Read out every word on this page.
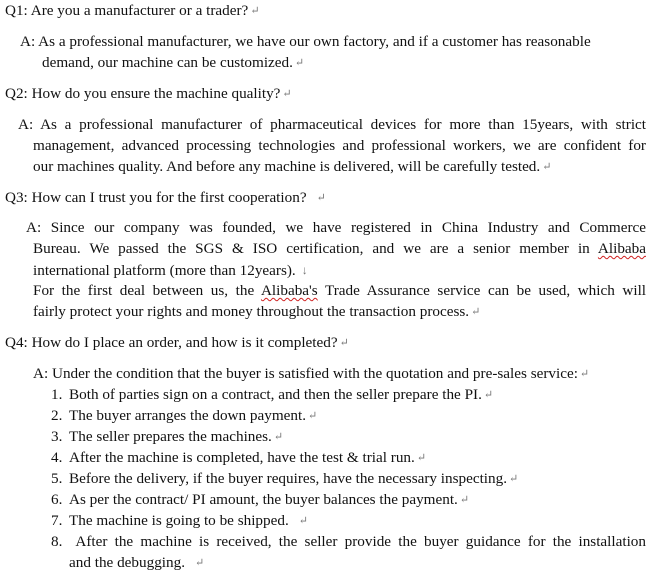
Q1: Are you a manufacturer or a trader? ↵
A: As a professional manufacturer, we have our own factory, and if a customer has reasonable
demand, our machine can be customized. ↵
Q2: How do you ensure the machine quality? ↵
A: As a professional manufacturer of pharmaceutical devices for more than 15years, with strict
management, advanced processing technologies and professional workers, we are confident for
our machines quality. And before any machine is delivered, will be carefully tested. ↵
Q3: How can I trust you for the first cooperation? ↵
A: Since our company was founded, we have registered in China Industry and Commerce
Bureau. We passed the SGS & ISO certification, and we are a senior member in Alibaba
international platform (more than 12years). ↓
For the first deal between us, the Alibaba's Trade Assurance service can be used, which will
fairly protect your rights and money throughout the transaction process. ↵
Q4: How do I place an order, and how is it completed? ↵
A: Under the condition that the buyer is satisfied with the quotation and pre-sales service: ↵
1. Both of parties sign on a contract, and then the seller prepare the PI. ↵
2. The buyer arranges the down payment. ↵
3. The seller prepares the machines. ↵
4. After the machine is completed, have the test & trial run. ↵
5. Before the delivery, if the buyer requires, have the necessary inspecting. ↵
6. As per the contract/ PI amount, the buyer balances the payment. ↵
7. The machine is going to be shipped. ↵
8. After the machine is received, the seller provide the buyer guidance for the installation
and the debugging. ↵
